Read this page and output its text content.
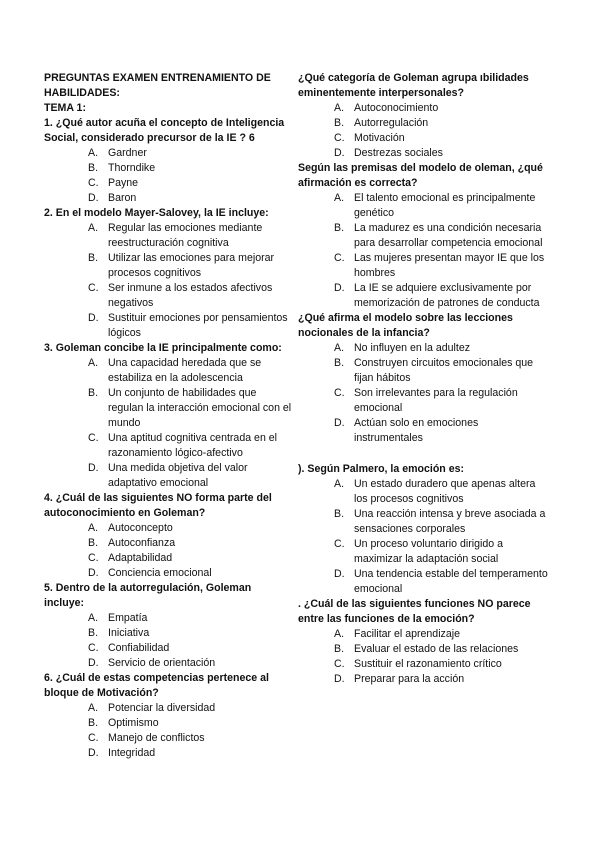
PREGUNTAS EXAMEN ENTRENAMIENTO DE HABILIDADES:
TEMA 1:

1. ¿Qué autor acuña el concepto de Inteligencia Social, considerado precursor de la IE ? 6

A. Gardner
B. Thorndike
C. Payne
D. Baron

2. En el modelo Mayer-Salovey, la IE incluye:

A. Regular las emociones mediante reestructuración cognitiva
B. Utilizar las emociones para mejorar procesos cognitivos
C. Ser inmune a los estados afectivos negativos
D. Sustituir emociones por pensamientos lógicos

3. Goleman concibe la IE principalmente como:

A. Una capacidad heredada que se estabiliza en la adolescencia
B. Un conjunto de habilidades que regulan la interacción emocional con el mundo
C. Una aptitud cognitiva centrada en el razonamiento lógico-afectivo
D. Una medida objetiva del valor adaptativo emocional

4. ¿Cuál de las siguientes NO forma parte del autoconocimiento en Goleman?

A. Autoconcepto
B. Autoconfianza
C. Adaptabilidad
D. Conciencia emocional

5. Dentro de la autorregulación, Goleman incluye:

A. Empatía
B. Iniciativa
C. Confiabilidad
D. Servicio de orientación

6. ¿Cuál de estas competencias pertenece al bloque de Motivación?

A. Potenciar la diversidad
B. Optimismo
C. Manejo de conflictos
D. Integridad

¿Qué categoría de Goleman agrupa ıbilidades eminentemente interpersonales?

A. Autoconocimiento
B. Autorregulación
C. Motivación
D. Destrezas sociales

Según las premisas del modelo de oleman, ¿qué afirmación es correcta?

A. El talento emocional es principalmente genético
B. La madurez es una condición necesaria para desarrollar competencia emocional
C. Las mujeres presentan mayor IE que los hombres
D. La IE se adquiere exclusivamente por memorización de patrones de conducta

¿Qué afirma el modelo sobre las lecciones nocionales de la infancia?

A. No influyen en la adultez
B. Construyen circuitos emocionales que fijan hábitos
C. Son irrelevantes para la regulación emocional
D. Actúan solo en emociones instrumentales

). Según Palmero, la emoción es:

A. Un estado duradero que apenas altera los procesos cognitivos
B. Una reacción intensa y breve asociada a sensaciones corporales
C. Un proceso voluntario dirigido a maximizar la adaptación social
D. Una tendencia estable del temperamento emocional

. ¿Cuál de las siguientes funciones NO parece entre las funciones de la emoción?

A. Facilitar el aprendizaje
B. Evaluar el estado de las relaciones
C. Sustituir el razonamiento crítico
D. Preparar para la acción
